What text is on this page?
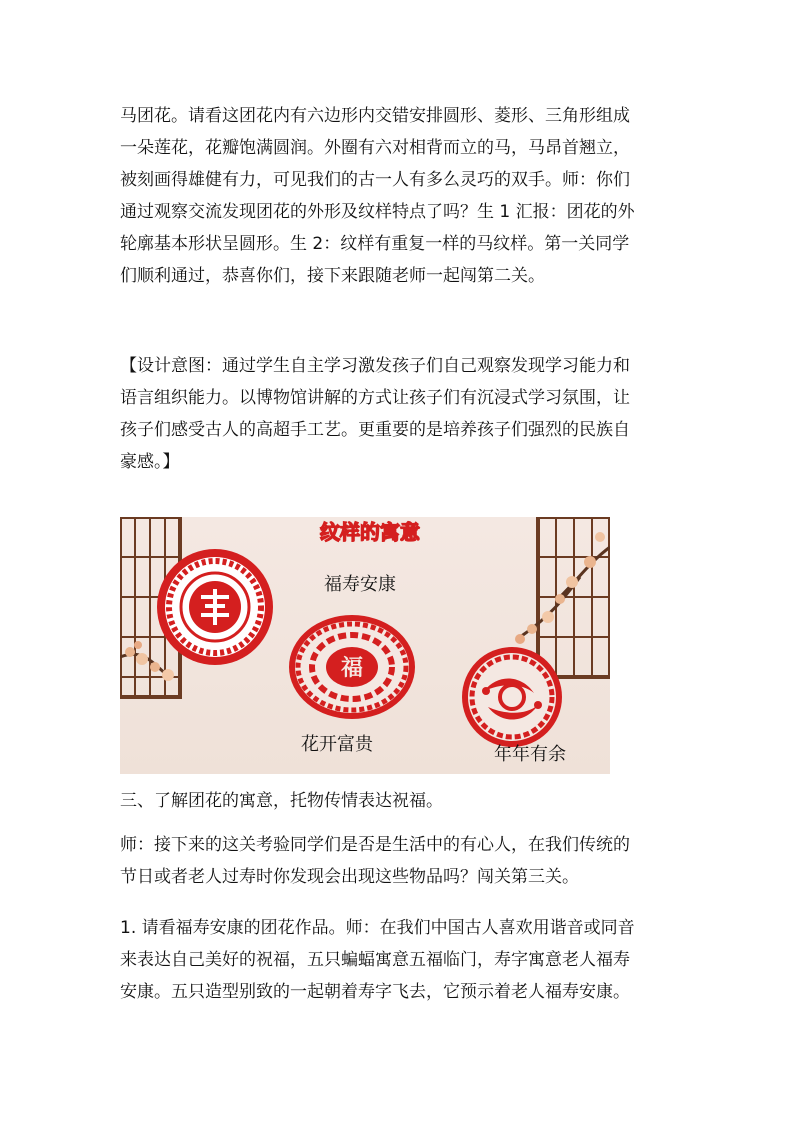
马团花。请看这团花内有六边形内交错安排圆形、菱形、三角形组成
一朵莲花，花瓣饱满圆润。外圈有六对相背而立的马，马昂首翘立，
被刻画得雄健有力，可见我们的古一人有多么灵巧的双手。师：你们
通过观察交流发现团花的外形及纹样特点了吗？生 1 汇报：团花的外
轮廓基本形状呈圆形。生 2：纹样有重复一样的马纹样。第一关同学
们顺利通过，恭喜你们，接下来跟随老师一起闯第二关。
【设计意图：通过学生自主学习激发孩子们自己观察发现学习能力和
语言组织能力。以博物馆讲解的方式让孩子们有沉浸式学习氛围，让
孩子们感受古人的高超手工艺。更重要的是培养孩子们强烈的民族自
豪感。】
纹样的寓意
福寿安康
福
花开富贵	年年有余
三、了解团花的寓意，托物传情表达祝福。
师：接下来的这关考验同学们是否是生活中的有心人，在我们传统的
节日或者老人过寿时你发现会出现这些物品吗？闯关第三关。
1. 请看福寿安康的团花作品。师：在我们中国古人喜欢用谐音或同音
来表达自己美好的祝福，五只蝙蝠寓意五福临门，寿字寓意老人福寿
安康。五只造型别致的一起朝着寿字飞去，它预示着老人福寿安康。
